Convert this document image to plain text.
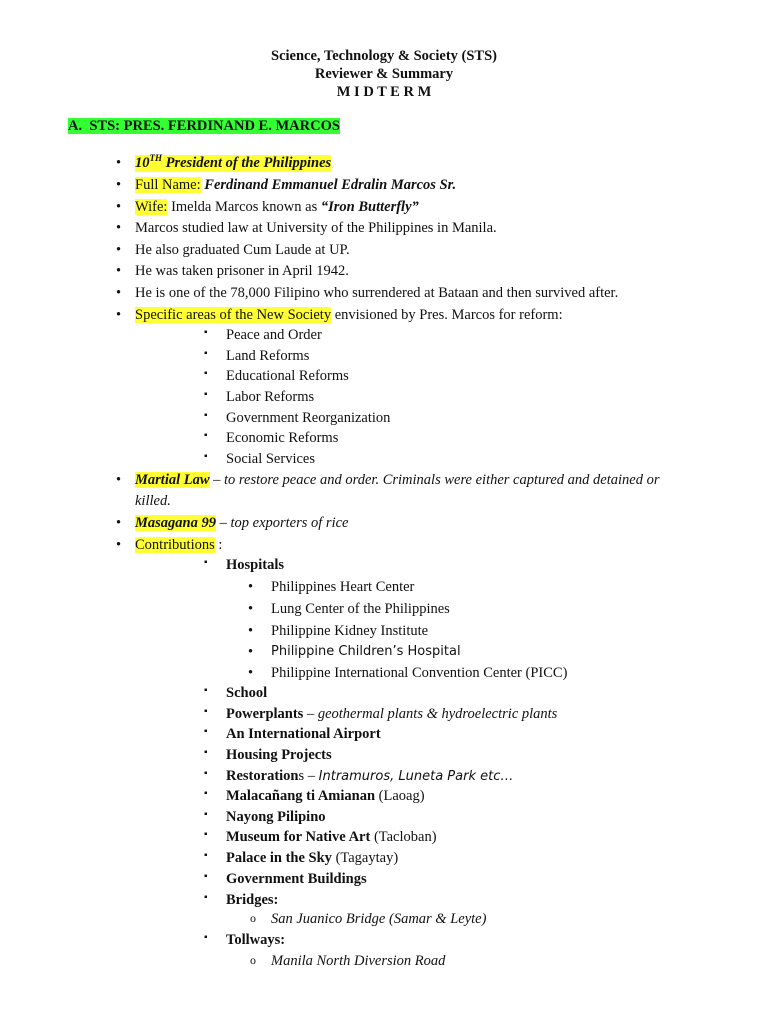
Science, Technology & Society (STS)
Reviewer & Summary
M I D T E R M
A. STS: PRES. FERDINAND E. MARCOS
• 10TH President of the Philippines
• Full Name: Ferdinand Emmanuel Edralin Marcos Sr.
• Wife: Imelda Marcos known as “Iron Butterfly”
• Marcos studied law at University of the Philippines in Manila.
• He also graduated Cum Laude at UP.
• He was taken prisoner in April 1942.
• He is one of the 78,000 Filipino who surrendered at Bataan and then survived after.
• Specific areas of the New Society envisioned by Pres. Marcos for reform:
▪ Peace and Order
▪ Land Reforms
▪ Educational Reforms
▪ Labor Reforms
▪ Government Reorganization
▪ Economic Reforms
▪ Social Services
• Martial Law – to restore peace and order. Criminals were either captured and detained or
killed.
• Masagana 99 – top exporters of rice
• Contributions :
▪ Hospitals
• Philippines Heart Center
• Lung Center of the Philippines
• Philippine Kidney Institute
• Philippine Children’s Hospital
• Philippine International Convention Center (PICC)
▪ School
▪ Powerplants – geothermal plants & hydroelectric plants
▪ An International Airport
▪ Housing Projects
▪ Restorations – Intramuros, Luneta Park etc…
▪ Malacañang ti Amianan (Laoag)
▪ Nayong Pilipino
▪ Museum for Native Art (Tacloban)
▪ Palace in the Sky (Tagaytay)
▪ Government Buildings
▪ Bridges:
o San Juanico Bridge (Samar & Leyte)
▪ Tollways:
o Manila North Diversion Road
